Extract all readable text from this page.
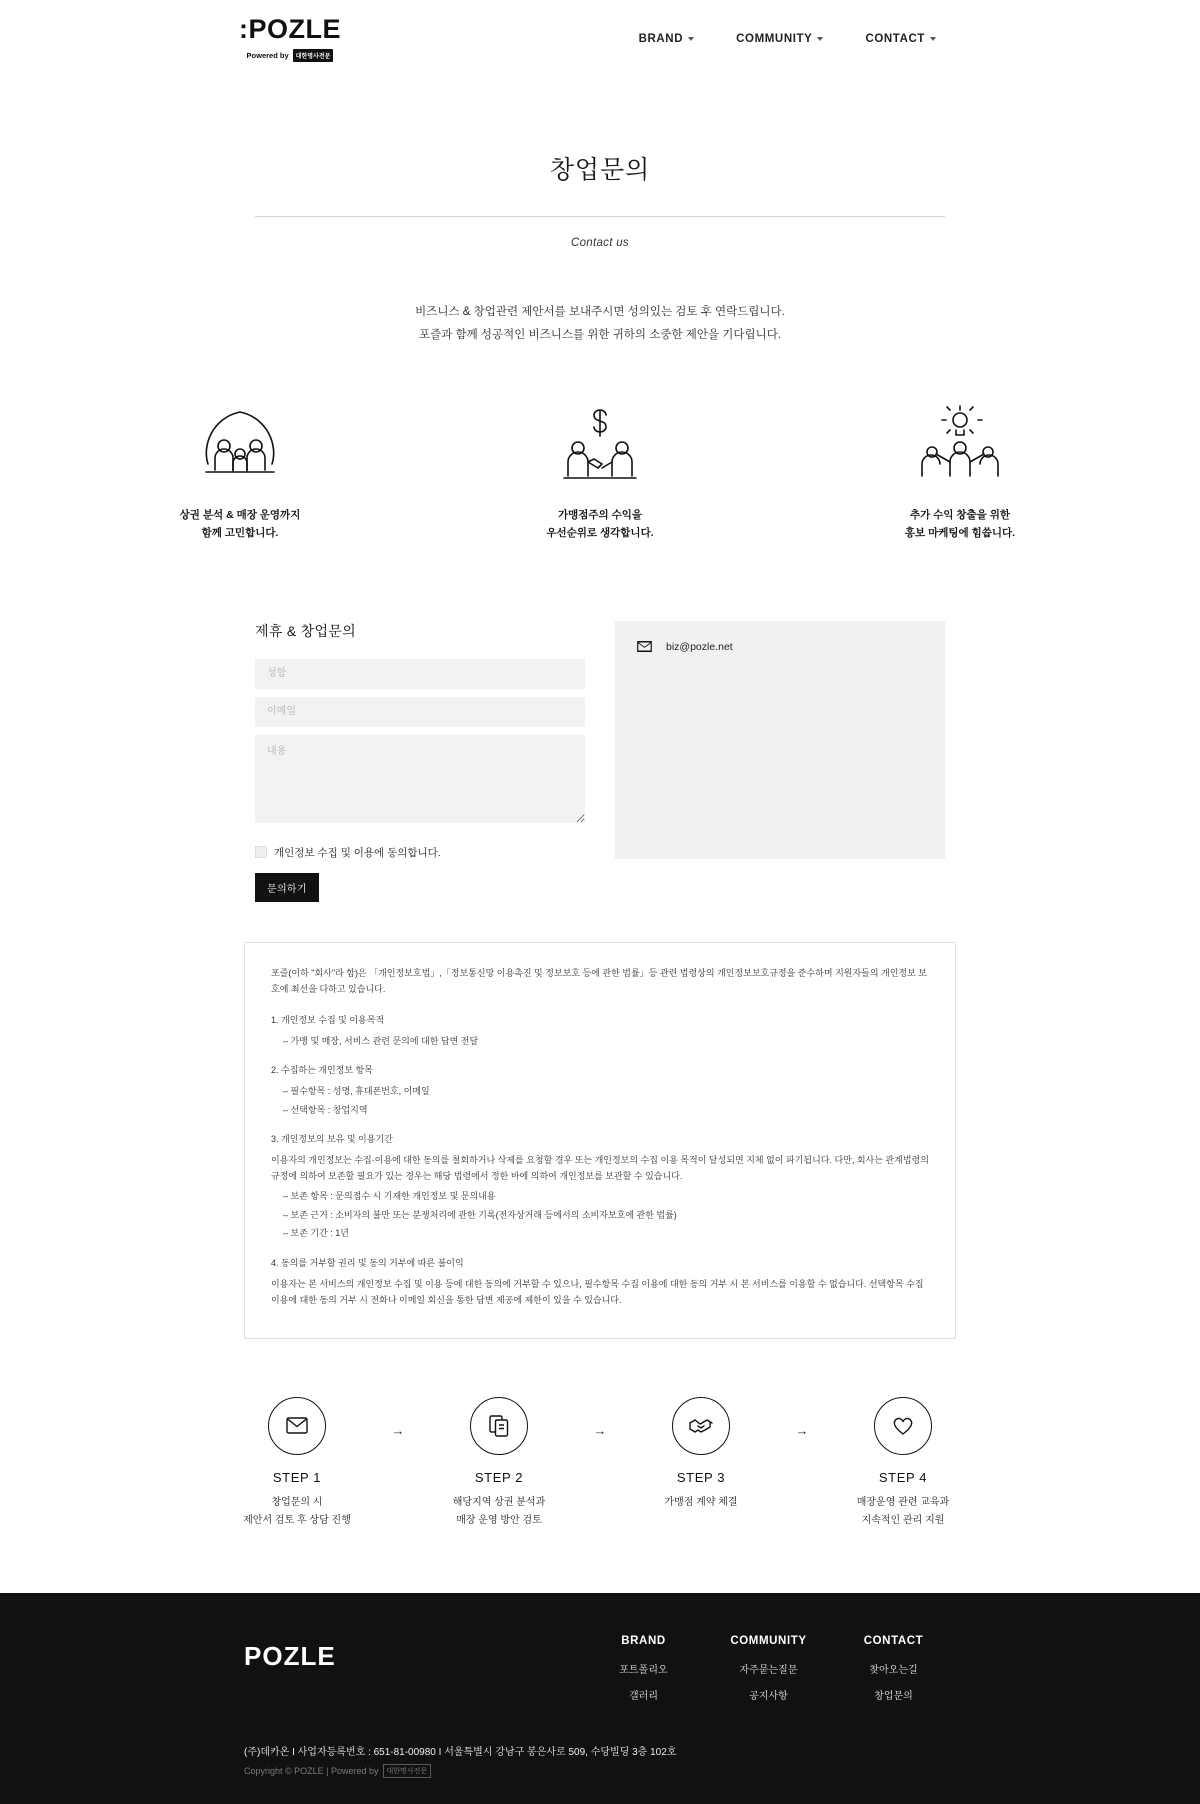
:POZLE
Powered by	대한명사전문
BRAND	COMMUNITY	CONTACT
창업문의
Contact us
비즈니스 & 창업관련 제안서를 보내주시면 성의있는 검토 후 연락드립니다.
포즐과 함께 성공적인 비즈니스를 위한 귀하의 소중한 제안을 기다립니다.
상권 분석 & 매장 운영까지
함께 고민합니다.
가맹점주의 수익을
우선순위로 생각합니다.
추가 수익 창출을 위한
홍보 마케팅에 힘씁니다.
제휴 & 창업문의
성함 이메일 내용
개인정보 수집 및 이용에 동의합니다.
문의하기
biz@pozle.net

포즐(이하 "회사"라 함)은 「개인정보호법」,「정보통신망 이용촉진 및 정보보호 등에 관한 법률」등 관련 법령상의 개인정보보호규정을 준수하며 지원자들의 개인정보 보호에 최선을 다하고 있습니다.

1. 개인정보 수집 및 이용목적

– 가맹 및 매장, 서비스 관련 문의에 대한 답변 전달

2. 수집하는 개인정보 항목

– 필수항목 : 성명, 휴대폰번호, 이메일

– 선택항목 : 창업지역

3. 개인정보의 보유 및 이용기간

이용자의 개인정보는 수집·이용에 대한 동의를 철회하거나 삭제를 요청할 경우 또는 개인정보의 수집 이용 목적이 달성되면 지체 없이 파기됩니다. 다만, 회사는 관계법령의 규정에 의하여 보존할 필요가 있는 경우는 해당 법령에서 정한 바에 의하여 개인정보를 보관할 수 있습니다.

– 보존 항목 : 문의접수 시 기재한 개인정보 및 문의내용

– 보존 근거 : 소비자의 불만 또는 분쟁처리에 관한 기록(전자상거래 등에서의 소비자보호에 관한 법률)

– 보존 기간 : 1년

4. 동의를 거부할 권리 및 동의 거부에 따른 불이익

이용자는 본 서비스의 개인정보 수집 및 이용 등에 대한 동의에 거부할 수 있으나, 필수항목 수집 이용에 대한 동의 거부 시 본 서비스를 이용할 수 없습니다. 선택항목 수집 이용에 대한 동의 거부 시 전화나 이메일 회신을 통한 답변 제공에 제한이 있을 수 있습니다.

STEP 1
창업문의 시
제안서 검토 후 상담 진행
→
STEP 2
해당지역 상권 분석과
매장 운영 방안 검토
→
STEP 3
가맹점 계약 체결
→
STEP 4
매장운영 관련 교육과
지속적인 관리 지원
POZLE	BRAND
포트폴리오
갤러리
COMMUNITY
자주묻는질문
공지사항
CONTACT
찾아오는길
창업문의
(주)데카온 I 사업자등록번호 : 651-81-00980 I 서울특별시 강남구 봉은사로 509, 수당빌딩 3층 102호
Copyright © POZLE | Powered by	대한명사전문
